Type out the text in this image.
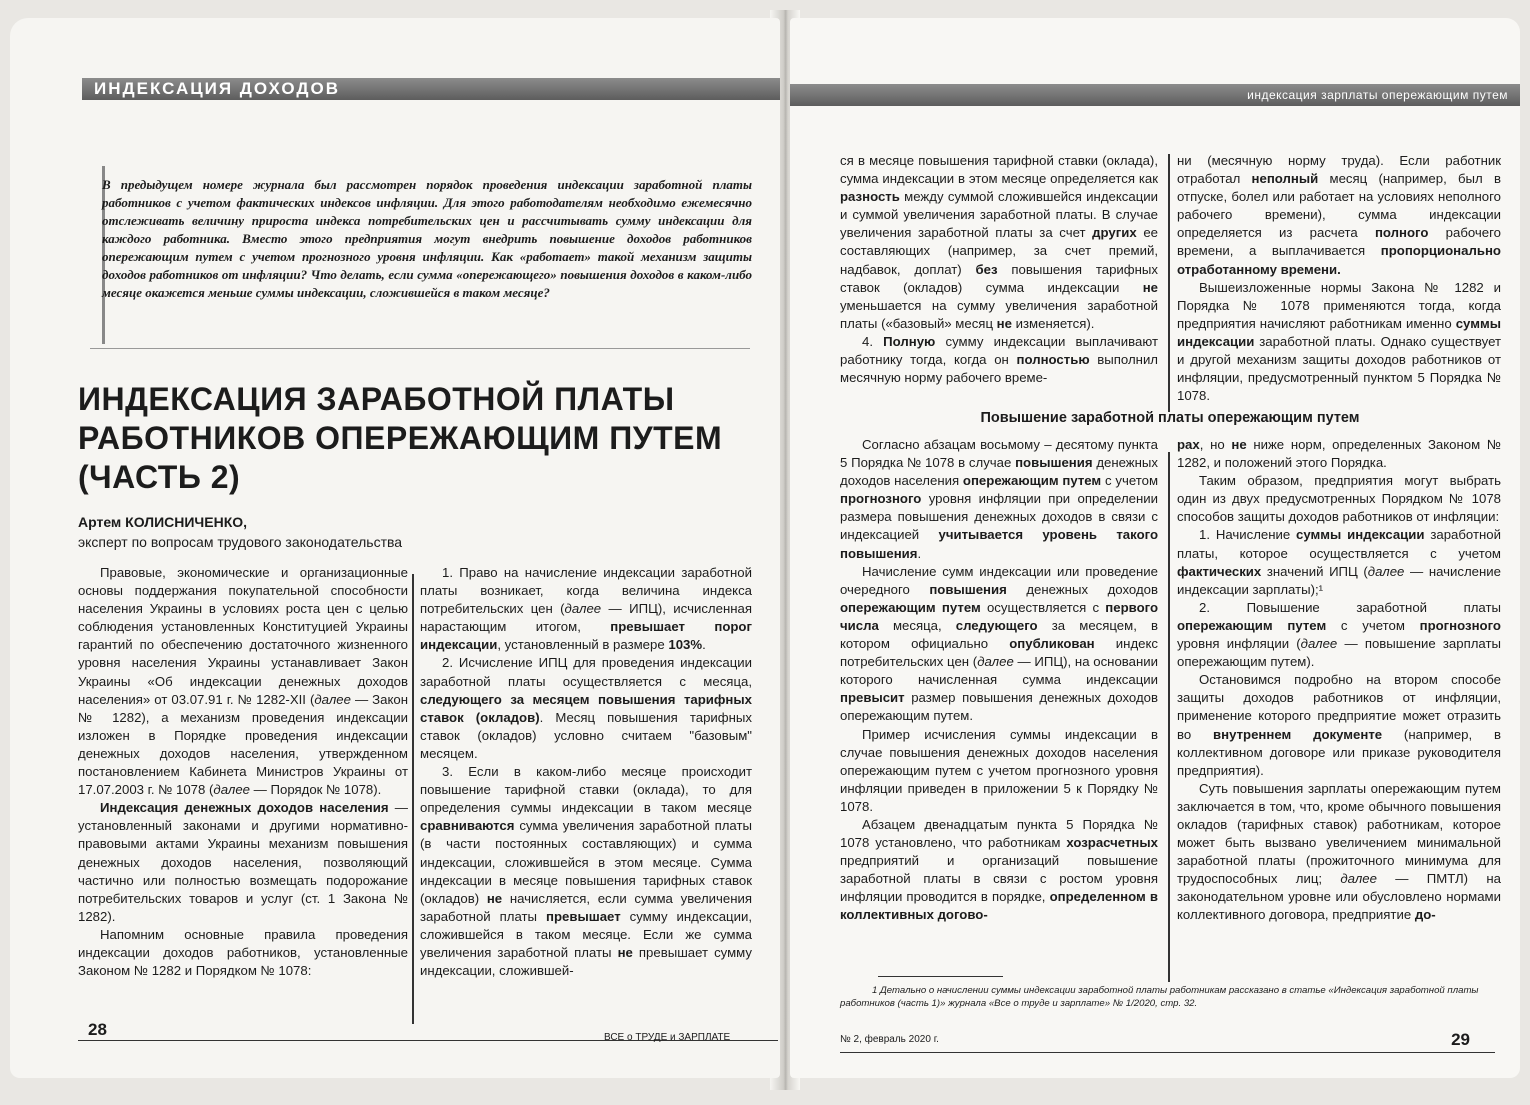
ИНДЕКСАЦИЯ ДОХОДОВ
В предыдущем номере журнала был рассмотрен порядок проведения индексации заработной платы работников с учетом фактических индексов инфляции. Для этого работодателям необходимо ежемесячно отслеживать величину прироста индекса потребительских цен и рассчитывать сумму индексации для каждого работника. Вместо этого предприятия могут внедрить повышение доходов работников опережающим путем с учетом прогнозного уровня инфляции. Как «работает» такой механизм защиты доходов работников от инфляции? Что делать, если сумма «опережающего» повышения доходов в каком-либо месяце окажется меньше суммы индексации, сложившейся в таком месяце?
ИНДЕКСАЦИЯ ЗАРАБОТНОЙ ПЛАТЫ
РАБОТНИКОВ ОПЕРЕЖАЮЩИМ ПУТЕМ
(ЧАСТЬ 2)
Артем КОЛИСНИЧЕНКО,
эксперт по вопросам трудового законодательства

Правовые, экономические и организационные основы поддержания покупательной способности населения Украины в условиях роста цен с целью соблюдения установленных Конституцией Украины гарантий по обеспечению достаточного жизненного уровня населения Украины устанавливает Закон Украины «Об индексации денежных доходов населения» от 03.07.91 г. № 1282-XII (далее — Закон № 1282), а механизм проведения индексации изложен в Порядке проведения индексации денежных доходов населения, утвержденном постановлением Кабинета Министров Украины от 17.07.2003 г. № 1078 (далее — Порядок № 1078).

Индексация денежных доходов населения — установленный законами и другими нормативно-правовыми актами Украины механизм повышения денежных доходов населения, позволяющий частично или полностью возмещать подорожание потребительских товаров и услуг (ст. 1 Закона № 1282).

Напомним основные правила проведения индексации доходов работников, установленные Законом № 1282 и Порядком № 1078:

1. Право на начисление индексации заработной платы возникает, когда величина индекса потребительских цен (далее — ИПЦ), исчисленная нарастающим итогом, превышает порог индексации, установленный в размере 103%.

2. Исчисление ИПЦ для проведения индексации заработной платы осуществляется с месяца, следующего за месяцем повышения тарифных ставок (окладов). Месяц повышения тарифных ставок (окладов) условно считаем "базовым" месяцем.

3. Если в каком-либо месяце происходит повышение тарифной ставки (оклада), то для определения суммы индексации в таком месяце сравниваются сумма увеличения заработной платы (в части постоянных составляющих) и сумма индексации, сложившейся в этом месяце. Сумма индексации в месяце повышения тарифных ставок (окладов) не начисляется, если сумма увеличения заработной платы превышает сумму индексации, сложившейся в таком месяце. Если же сумма увеличения заработной платы не превышает сумму индексации, сложившей-

28	ВСЕ о ТРУДЕ и ЗАРПЛАТЕ
индексация зарплаты опережающим путем

ся в месяце повышения тарифной ставки (оклада), сумма индексации в этом месяце определяется как разность между суммой сложившейся индексации и суммой увеличения заработной платы. В случае увеличения заработной платы за счет других ее составляющих (например, за счет премий, надбавок, доплат) без повышения тарифных ставок (окладов) сумма индексации не уменьшается на сумму увеличения заработной платы («базовый» месяц не изменяется).

4. Полную сумму индексации выплачивают работнику тогда, когда он полностью выполнил месячную норму рабочего време-

ни (месячную норму труда). Если работник отработал неполный месяц (например, был в отпуске, болел или работает на условиях неполного рабочего времени), сумма индексации определяется из расчета полного рабочего времени, а выплачивается пропорционально отработанному времени.

Вышеизложенные нормы Закона № 1282 и Порядка № 1078 применяются тогда, когда предприятия начисляют работникам именно суммы индексации заработной платы. Однако существует и другой механизм защиты доходов работников от инфляции, предусмотренный пунктом 5 Порядка № 1078.

Повышение заработной платы опережающим путем

Согласно абзацам восьмому – десятому пункта 5 Порядка № 1078 в случае повышения денежных доходов населения опережающим путем с учетом прогнозного уровня инфляции при определении размера повышения денежных доходов в связи с индексацией учитывается уровень такого повышения.

Начисление сумм индексации или проведение очередного повышения денежных доходов опережающим путем осуществляется с первого числа месяца, следующего за месяцем, в котором официально опубликован индекс потребительских цен (далее — ИПЦ), на основании которого начисленная сумма индексации превысит размер повышения денежных доходов опережающим путем.

Пример исчисления суммы индексации в случае повышения денежных доходов населения опережающим путем с учетом прогнозного уровня инфляции приведен в приложении 5 к Порядку № 1078.

Абзацем двенадцатым пункта 5 Порядка № 1078 установлено, что работникам хозрасчетных предприятий и организаций повышение заработной платы в связи с ростом уровня инфляции проводится в порядке, определенном в коллективных догово-

рах, но не ниже норм, определенных Законом № 1282, и положений этого Порядка.

Таким образом, предприятия могут выбрать один из двух предусмотренных Порядком № 1078 способов защиты доходов работников от инфляции:

1. Начисление суммы индексации заработной платы, которое осуществляется с учетом фактических значений ИПЦ (далее — начисление индексации зарплаты);¹

2. Повышение заработной платы опережающим путем с учетом прогнозного уровня инфляции (далее — повышение зарплаты опережающим путем).

Остановимся подробно на втором способе защиты доходов работников от инфляции, применение которого предприятие может отразить во внутреннем документе (например, в коллективном договоре или приказе руководителя предприятия).

Суть повышения зарплаты опережающим путем заключается в том, что, кроме обычного повышения окладов (тарифных ставок) работникам, которое может быть вызвано увеличением минимальной заработной платы (прожиточного минимума для трудоспособных лиц; далее — ПМТЛ) на законодательном уровне или обусловлено нормами коллективного договора, предприятие до-

1 Детально о начислении суммы индексации заработной платы работникам рассказано в статье «Индексация заработной платы работников (часть 1)» журнала «Все о труде и зарплате» № 1/2020, стр. 32.
№ 2, февраль 2020 г.	29
